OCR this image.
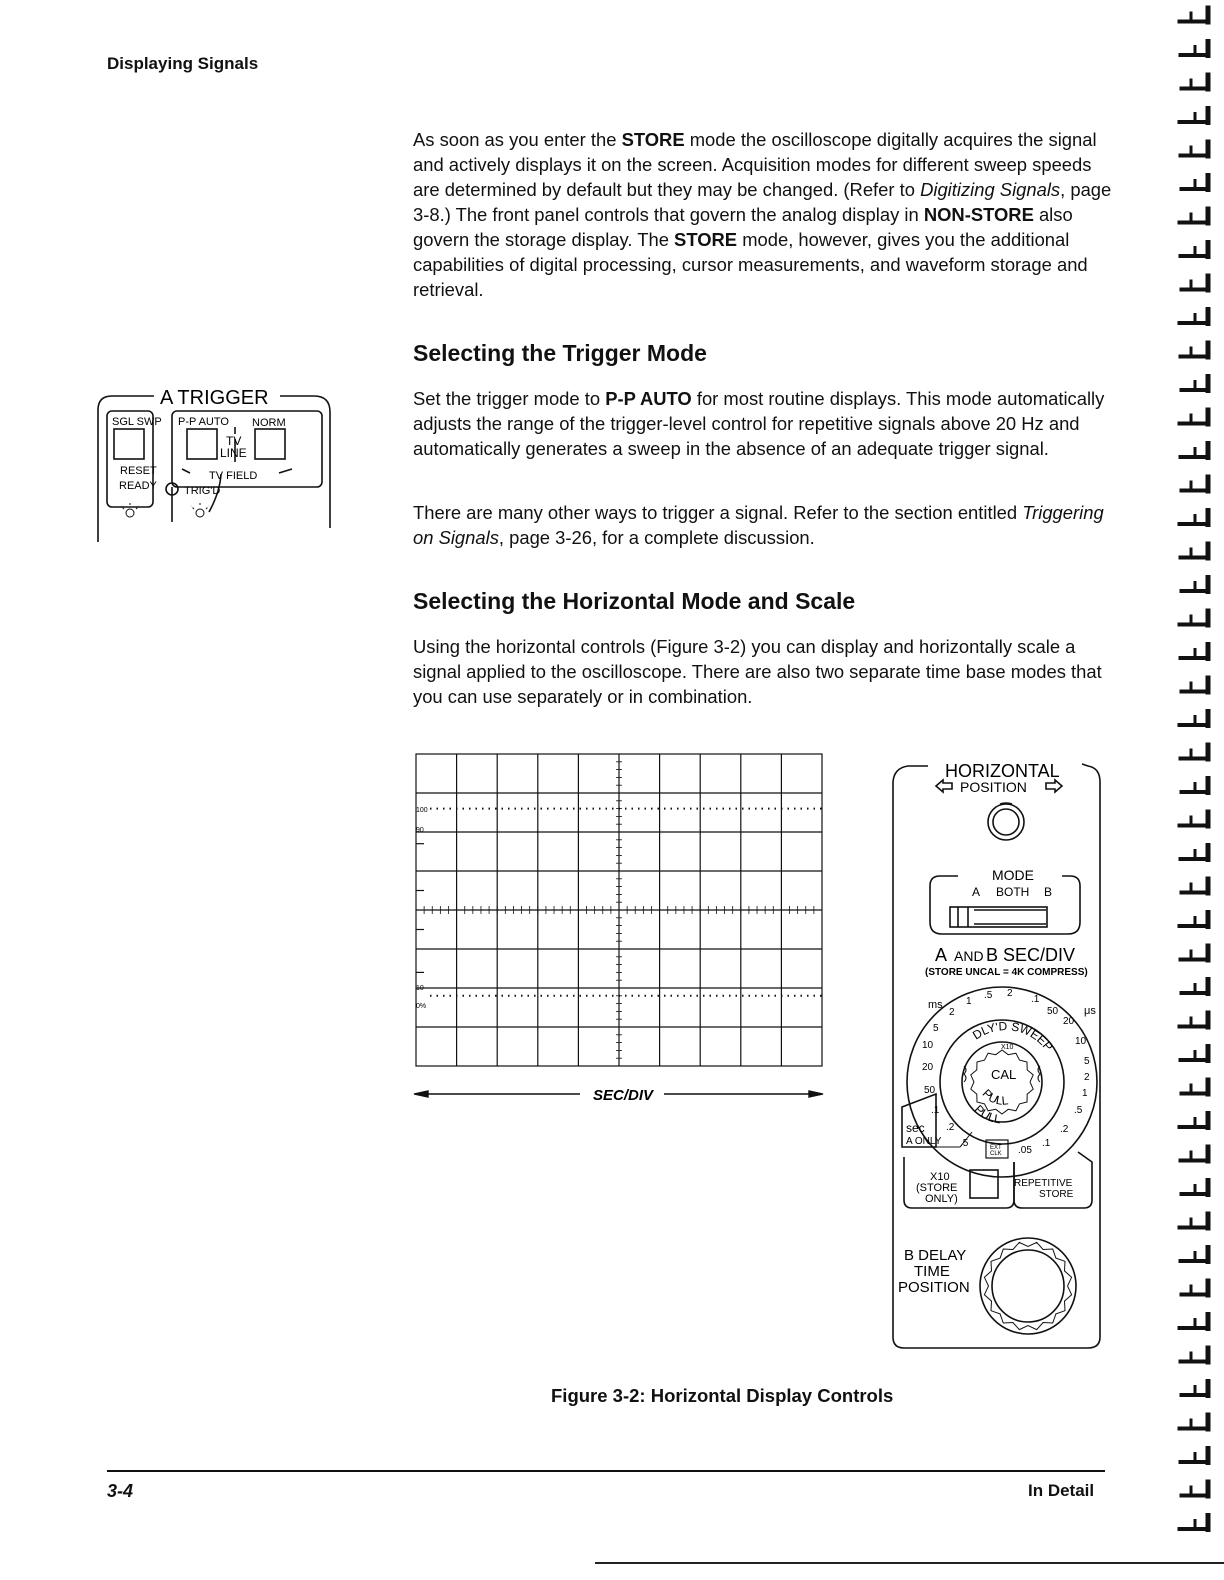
Displaying Signals

As soon as you enter the STORE mode the oscilloscope digitally acquires the signal and actively displays it on the screen. Acquisition modes for different sweep speeds are determined by default but they may be changed. (Refer to Digitizing Signals, page 3-8.) The front panel controls that govern the analog display in NON-STORE also govern the storage display. The STORE mode, however, gives you the additional capabilities of digital processing, cursor measurements, and waveform storage and retrieval.

Selecting the Trigger Mode

Set the trigger mode to P-P AUTO for most routine displays. This mode automatically adjusts the range of the trigger-level control for repetitive signals above 20 Hz and automatically generates a sweep in the absence of an adequate trigger signal.

There are many other ways to trigger a signal. Refer to the section entitled Triggering on Signals, page 3-26, for a complete discussion.

Selecting the Horizontal Mode and Scale

Using the horizontal controls (Figure 3-2) you can display and horizontally scale a signal applied to the oscilloscope. There are also two separate time base modes that you can use separately or in combination.

A TRIGGER
SGL SWP P-P AUTO NORM
TV
LINE
RESET
READY
TV FIELD
TRIG'D
100
90
10
0%
SEC/DIV
HORIZONTAL
POSITION
MODE
A BOTH B
A AND B SEC/DIV
(STORE UNCAL = 4K COMPRESS)
ms	μs
sec
A ONLY
X10
CAL
DLY'D SWEEP
PULL
PULL
EXT
CLK
X10
(STORE
ONLY)
REPETITIVE
STORE
B DELAY
TIME
POSITION
.5 2
.1
50
20
10
5
2
1
.5
.2
.1
.05
.5
.2
.1
50
20
10
5
2
1
Figure 3-2: Horizontal Display Controls
3-4	In Detail
